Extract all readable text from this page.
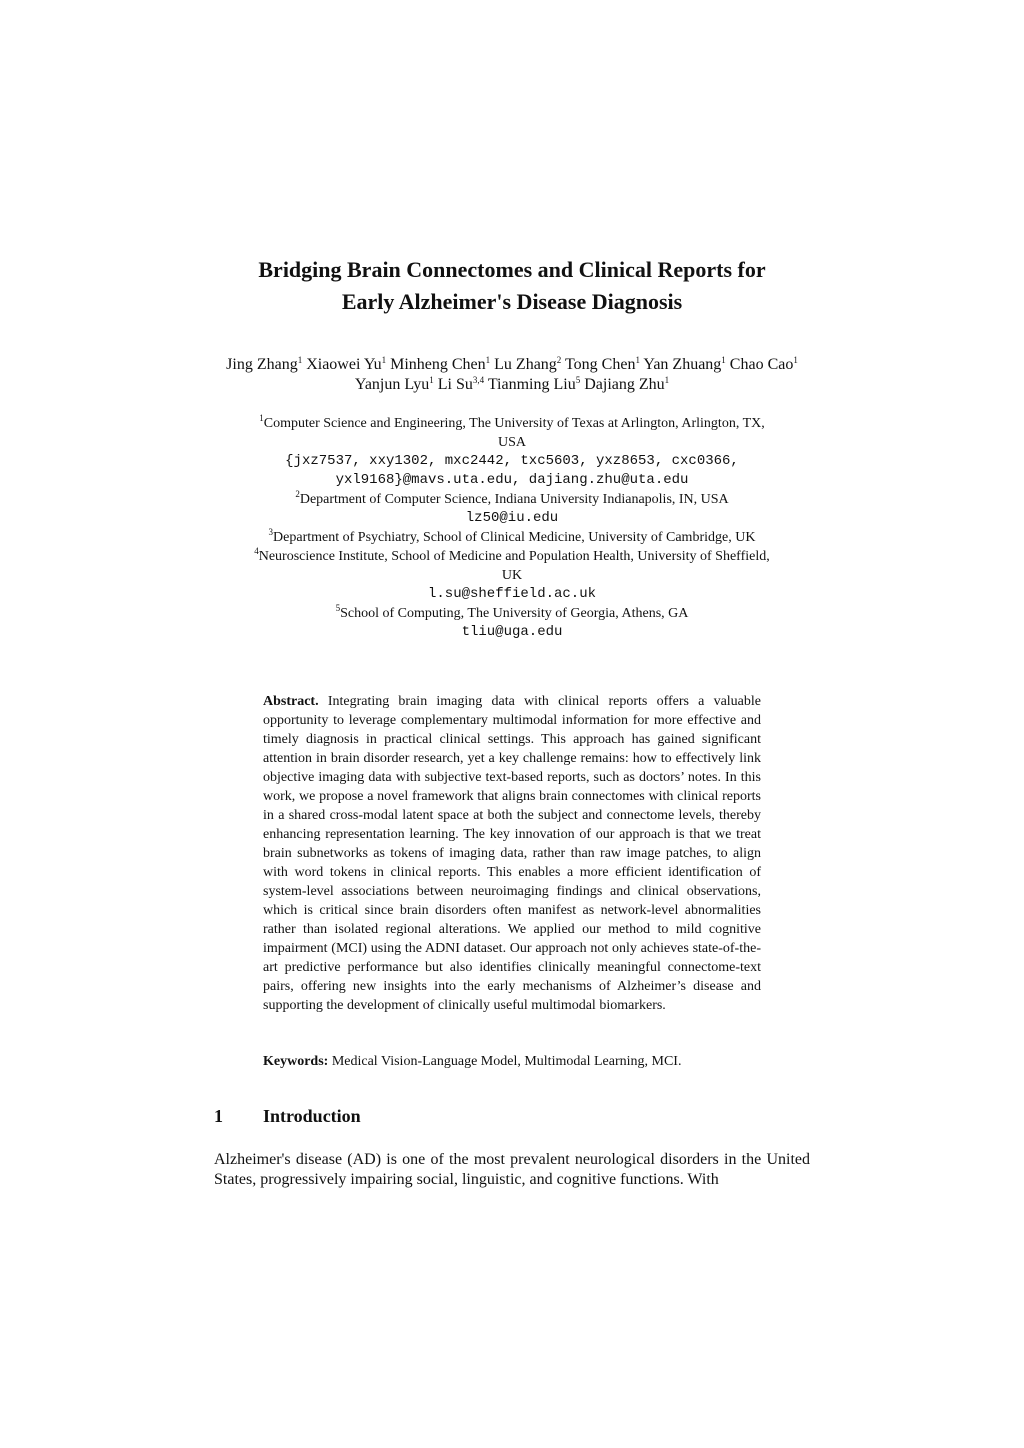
Bridging Brain Connectomes and Clinical Reports for
Early Alzheimer's Disease Diagnosis
Jing Zhang$^1$ Xiaowei Yu$^1$ Minheng Chen$^1$ Lu Zhang$^2$ Tong Chen$^1$ Yan Zhuang$^1$ Chao Cao$^1$
Yanjun Lyu$^1$ Li Su$^{3,4}$ Tianming Liu$^5$ Dajiang Zhu$^1$
$^1$Computer Science and Engineering, The University of Texas at Arlington, Arlington, TX,
USA
{jxz7537, xxy1302, mxc2442, txc5603, yxz8653, cxc0366,
yxl9168}@mavs.uta.edu, dajiang.zhu@uta.edu
$^2$Department of Computer Science, Indiana University Indianapolis, IN, USA
lz50@iu.edu
$^3$Department of Psychiatry, School of Clinical Medicine, University of Cambridge, UK
$^4$Neuroscience Institute, School of Medicine and Population Health, University of Sheffield,
UK
l.su@sheffield.ac.uk
$^5$School of Computing, The University of Georgia, Athens, GA
tliu@uga.edu
Abstract. Integrating brain imaging data with clinical reports offers a valuable opportunity to leverage complementary multimodal information for more effective and timely diagnosis in practical clinical settings. This approach has gained significant attention in brain disorder research, yet a key challenge remains: how to effectively link objective imaging data with subjective text-based reports, such as doctors’ notes. In this work, we propose a novel framework that aligns brain connectomes with clinical reports in a shared cross-modal latent space at both the subject and connectome levels, thereby enhancing representation learning. The key innovation of our approach is that we treat brain subnetworks as tokens of imaging data, rather than raw image patches, to align with word tokens in clinical reports. This enables a more efficient identification of system-level associations between neuroimaging findings and clinical observations, which is critical since brain disorders often manifest as network-level abnormalities rather than isolated regional alterations. We applied our method to mild cognitive impairment (MCI) using the ADNI dataset. Our approach not only achieves state-of-the-art predictive performance but also identifies clinically meaningful connectome-text pairs, offering new insights into the early mechanisms of Alzheimer’s disease and supporting the development of clinically useful multimodal biomarkers.
Keywords: Medical Vision-Language Model, Multimodal Learning, MCI.
1 Introduction
Alzheimer's disease (AD) is one of the most prevalent neurological disorders in the United States, progressively impairing social, linguistic, and cognitive functions. With
